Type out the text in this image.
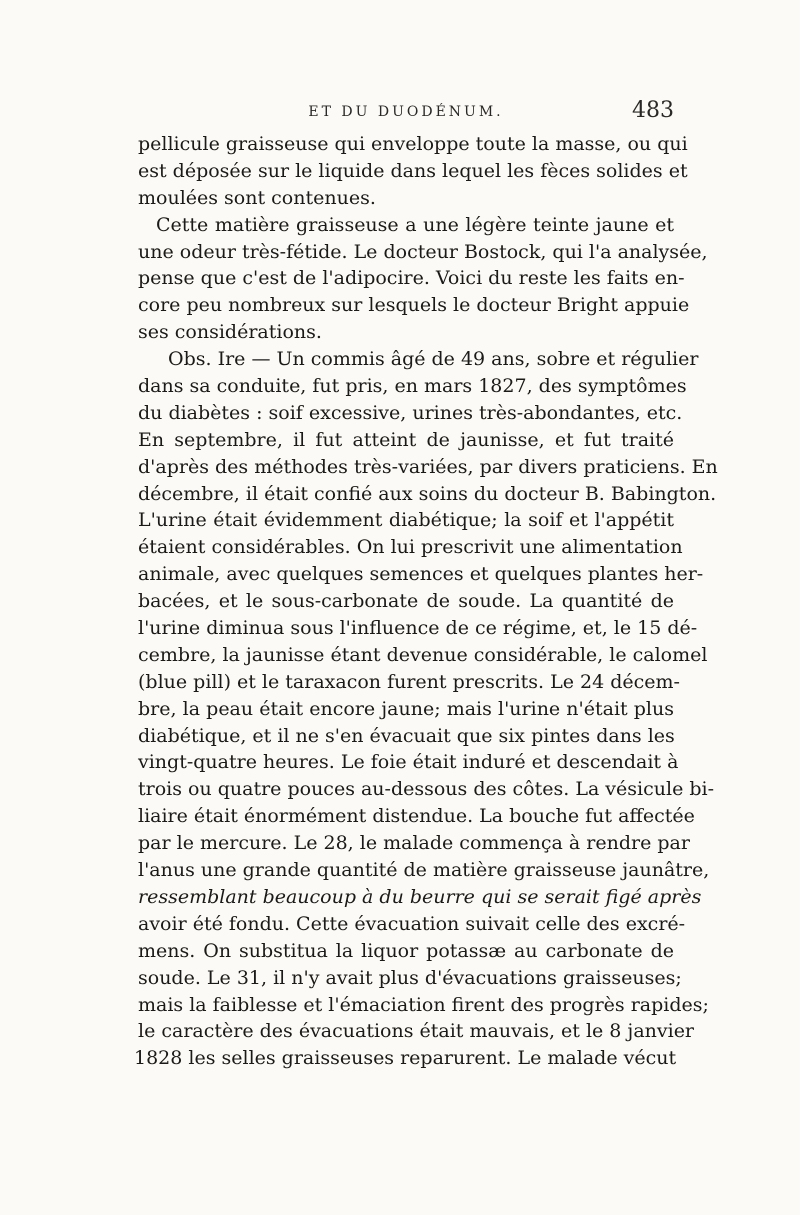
ET DU DUODÉNUM.	483
pellicule graisseuse qui enveloppe toute la masse, ou qui
est déposée sur le liquide dans lequel les fèces solides et
moulées sont contenues.
Cette matière graisseuse a une légère teinte jaune et
une odeur très-fétide. Le docteur Bostock, qui l'a analysée,
pense que c'est de l'adipocire. Voici du reste les faits en-
core peu nombreux sur lesquels le docteur Bright appuie
ses considérations.
Obs. Ire — Un commis âgé de 49 ans, sobre et régulier
dans sa conduite, fut pris, en mars 1827, des symptômes
du diabètes : soif excessive, urines très-abondantes, etc.
En septembre, il fut atteint de jaunisse, et fut traité
d'après des méthodes très-variées, par divers praticiens. En
décembre, il était confié aux soins du docteur B. Babington.
L'urine était évidemment diabétique; la soif et l'appétit
étaient considérables. On lui prescrivit une alimentation
animale, avec quelques semences et quelques plantes her-
bacées, et le sous-carbonate de soude. La quantité de
l'urine diminua sous l'influence de ce régime, et, le 15 dé-
cembre, la jaunisse étant devenue considérable, le calomel
(blue pill) et le taraxacon furent prescrits. Le 24 décem-
bre, la peau était encore jaune; mais l'urine n'était plus
diabétique, et il ne s'en évacuait que six pintes dans les
vingt-quatre heures. Le foie était induré et descendait à
trois ou quatre pouces au-dessous des côtes. La vésicule bi-
liaire était énormément distendue. La bouche fut affectée
par le mercure. Le 28, le malade commença à rendre par
l'anus une grande quantité de matière graisseuse jaunâtre,
ressemblant beaucoup à du beurre qui se serait figé après
avoir été fondu. Cette évacuation suivait celle des excré-
mens. On substitua la liquor potassæ au carbonate de
soude. Le 31, il n'y avait plus d'évacuations graisseuses;
mais la faiblesse et l'émaciation firent des progrès rapides;
le caractère des évacuations était mauvais, et le 8 janvier
1828 les selles graisseuses reparurent. Le malade vécut
